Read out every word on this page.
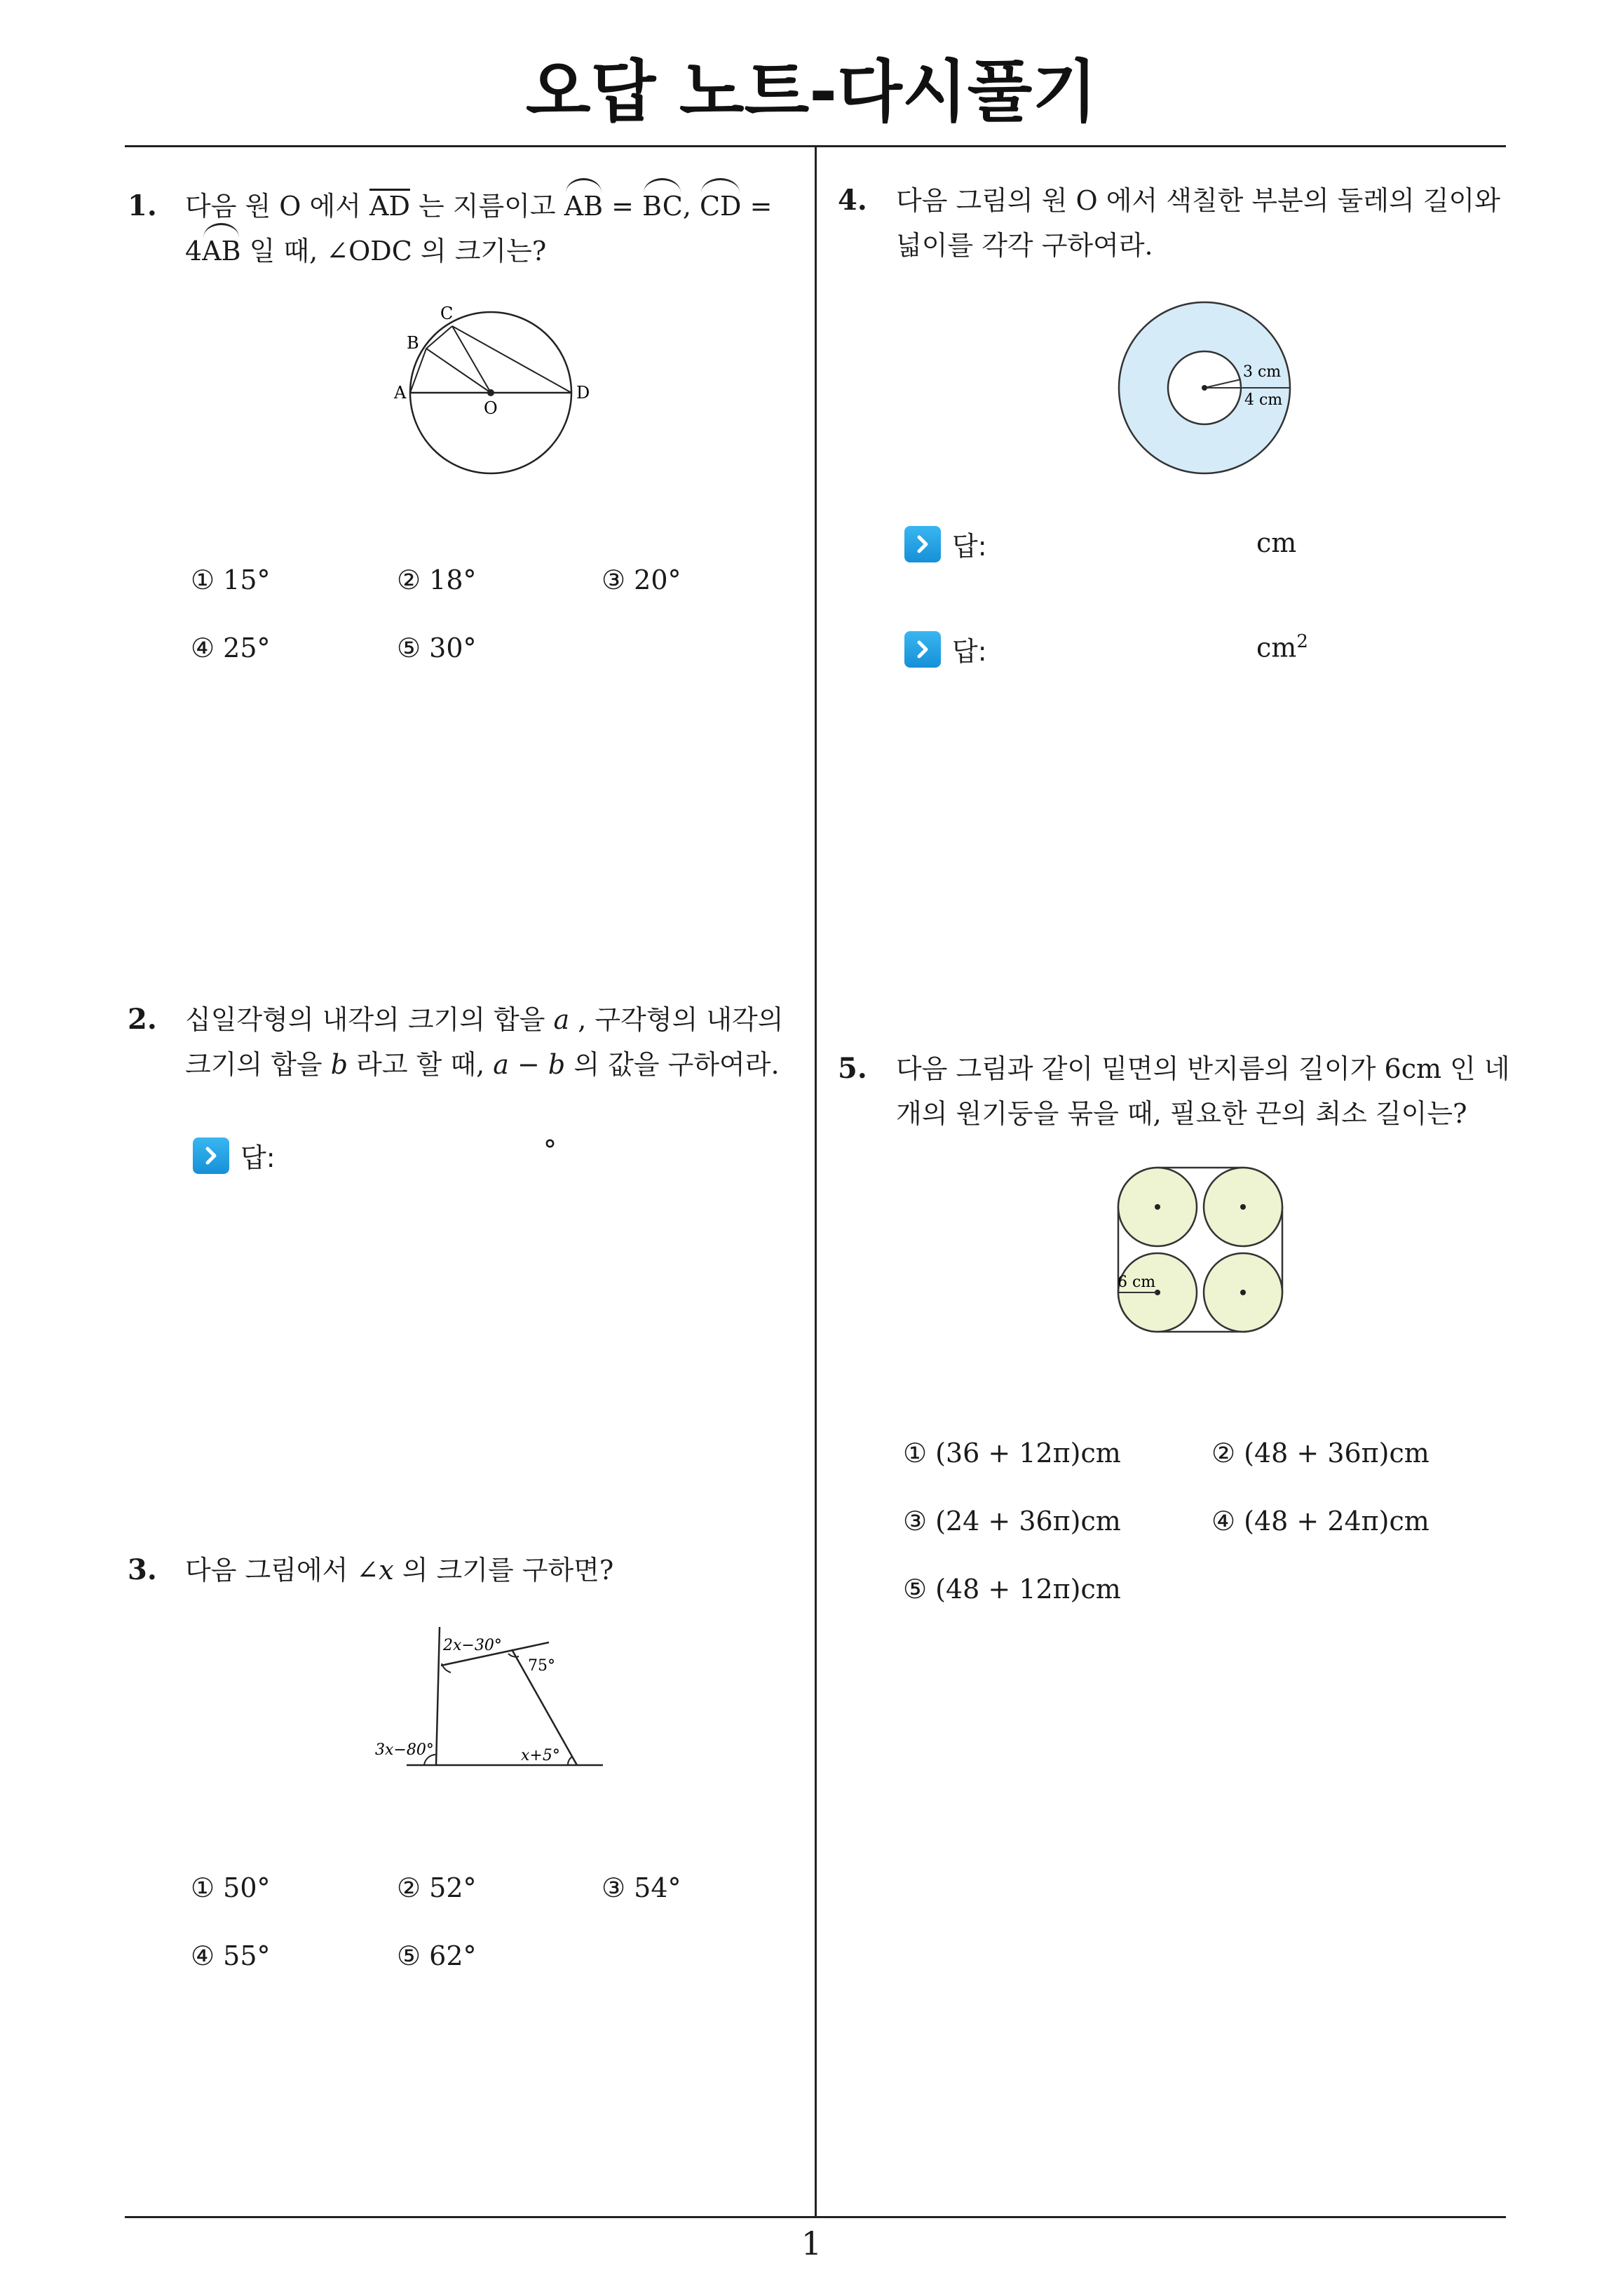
오답 노트-다시풀기
1. 다음 원 O 에서 $\overline{AD}$ 는 지름이고 AB = BC, CD =
4AB 일 때, ∠ODC 의 크기는?
C
B
A	D
O
① 15°	② 18°	③ 20°
④ 25°	⑤ 30°
2. 십일각형의 내각의 크기의 합을 a , 구각형의 내각의
크기의 합을 b 라고 할 때, a − b 의 값을 구하여라.
답:	°
3. 다음 그림에서 ∠x 의 크기를 구하면?
2x−30°
75°
3x−80°	x+5°
① 50°	② 52°	③ 54°
④ 55°	⑤ 62°
4. 다음 그림의 원 O 에서 색칠한 부분의 둘레의 길이와
넓이를 각각 구하여라.
3 cm
4 cm
답:	cm
답:	$cm^2$
5. 다음 그림과 같이 밑면의 반지름의 길이가 6cm 인 네
개의 원기둥을 묶을 때, 필요한 끈의 최소 길이는?
6 cm
① (36 + 12π)cm	② (48 + 36π)cm
③ (24 + 36π)cm	④ (48 + 24π)cm
⑤ (48 + 12π)cm
1
